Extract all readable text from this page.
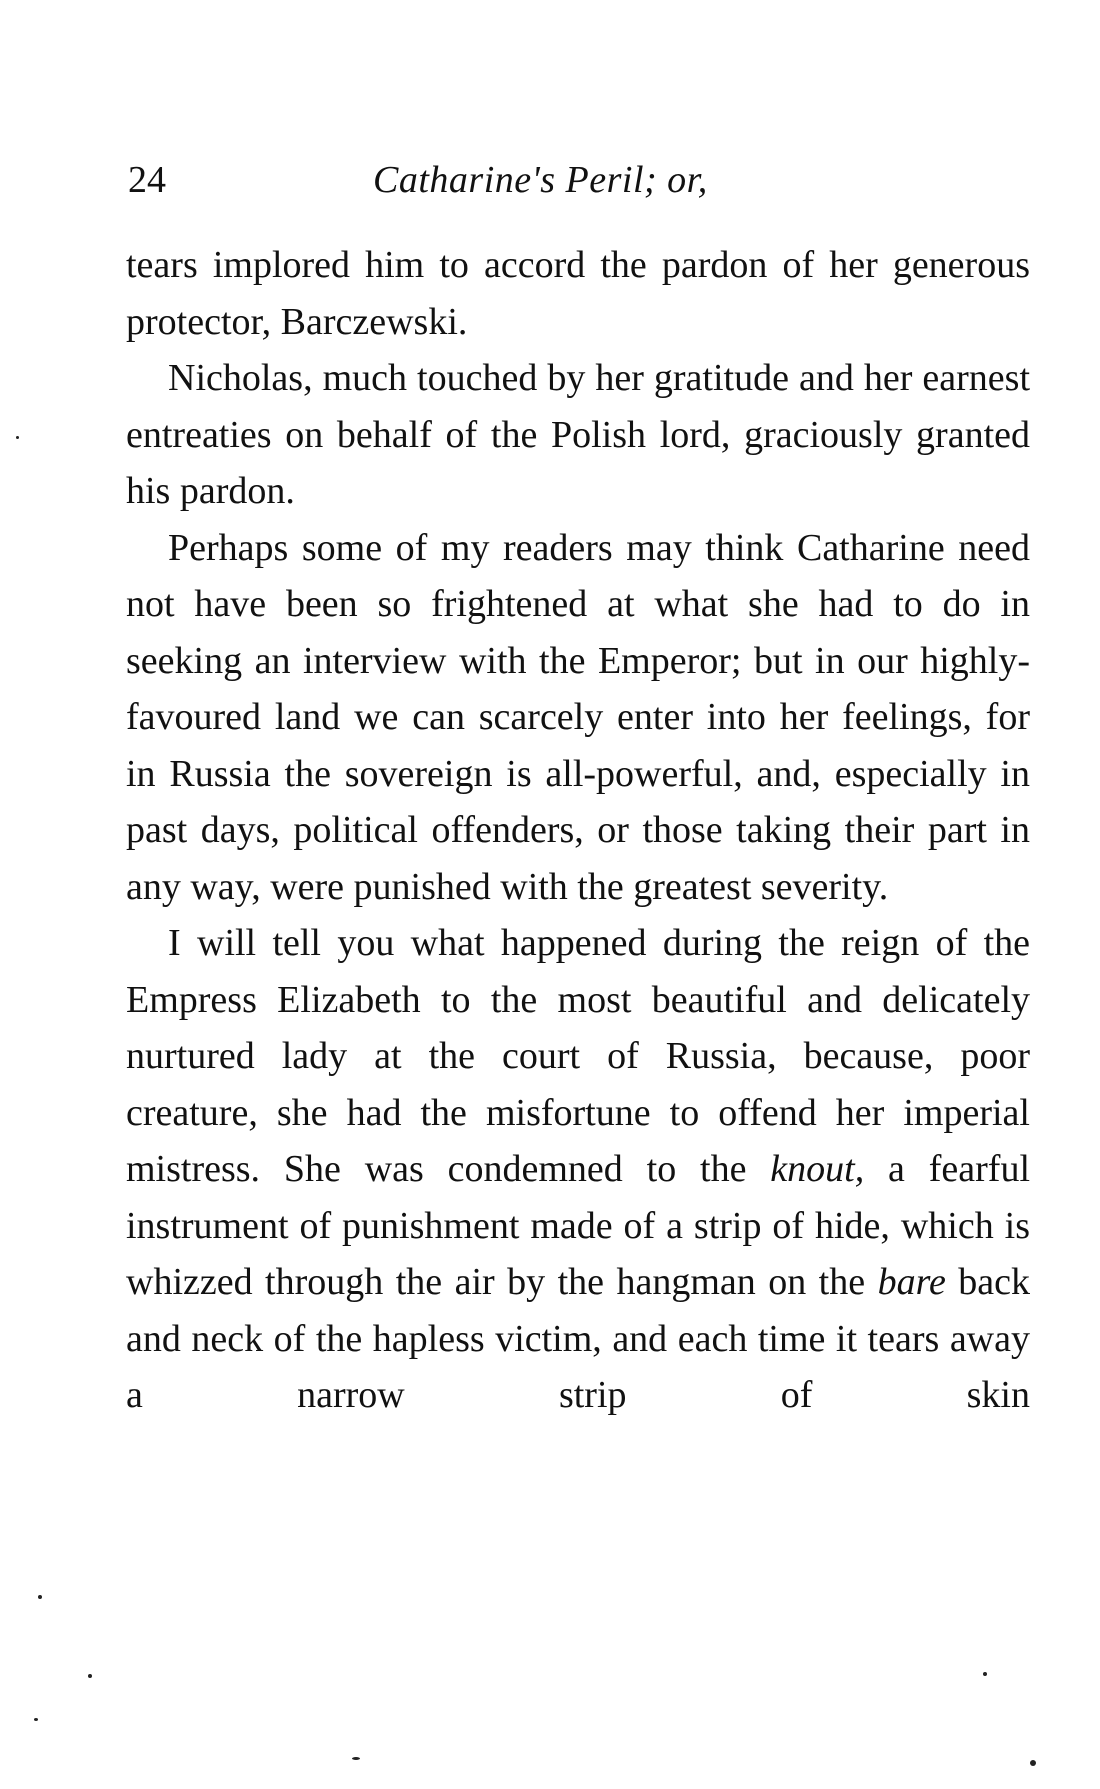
24	Catharine's Peril; or,

tears implored him to accord the pardon of her generous protector, Barczewski.

Nicholas, much touched by her gratitude and her earnest entreaties on behalf of the Polish lord, graciously granted his pardon.

Perhaps some of my readers may think Catharine need not have been so frightened at what she had to do in seeking an interview with the Emperor; but in our highly-favoured land we can scarcely enter into her feelings, for in Russia the sovereign is all-powerful, and, especially in past days, political offenders, or those taking their part in any way, were punished with the greatest severity.

I will tell you what happened during the reign of the Empress Elizabeth to the most beautiful and delicately nurtured lady at the court of Russia, because, poor creature, she had the misfortune to offend her imperial mistress. She was condemned to the knout, a fearful instrument of punishment made of a strip of hide, which is whizzed through the air by the hangman on the bare back and neck of the hapless victim, and each time it tears away a narrow strip of skin
